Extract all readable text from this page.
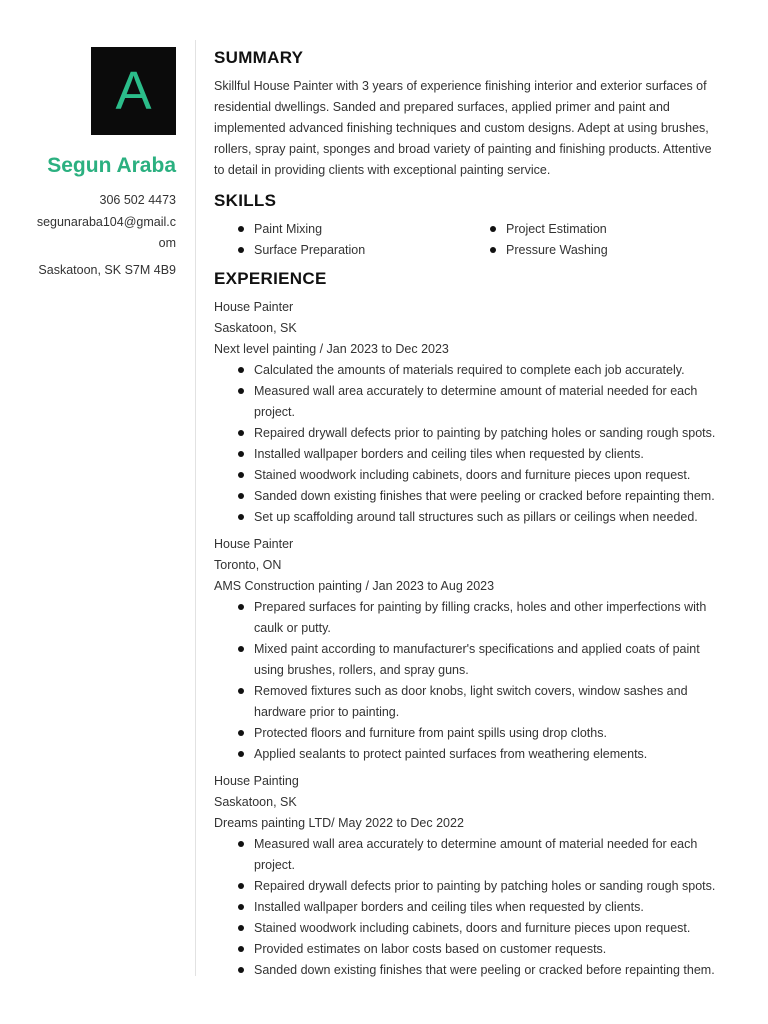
A
Segun Araba
306 502 4473
segunaraba104@gmail.com
Saskatoon, SK S7M 4B9
SUMMARY

Skillful House Painter with 3 years of experience finishing interior and exterior surfaces of residential dwellings. Sanded and prepared surfaces, applied primer and paint and implemented advanced finishing techniques and custom designs. Adept at using brushes, rollers, spray paint, sponges and broad variety of painting and finishing products. Attentive to detail in providing clients with exceptional painting service.

SKILLS
Paint Mixing
Surface Preparation
Project Estimation
Pressure Washing
EXPERIENCE
House Painter
Saskatoon, SK
Next level painting / Jan 2023 to Dec 2023
Calculated the amounts of materials required to complete each job accurately.
Measured wall area accurately to determine amount of material needed for each project.
Repaired drywall defects prior to painting by patching holes or sanding rough spots.
Installed wallpaper borders and ceiling tiles when requested by clients.
Stained woodwork including cabinets, doors and furniture pieces upon request.
Sanded down existing finishes that were peeling or cracked before repainting them.
Set up scaffolding around tall structures such as pillars or ceilings when needed.
House Painter
Toronto, ON
AMS Construction painting / Jan 2023 to Aug 2023
Prepared surfaces for painting by filling cracks, holes and other imperfections with caulk or putty.
Mixed paint according to manufacturer's specifications and applied coats of paint using brushes, rollers, and spray guns.
Removed fixtures such as door knobs, light switch covers, window sashes and hardware prior to painting.
Protected floors and furniture from paint spills using drop cloths.
Applied sealants to protect painted surfaces from weathering elements.
House Painting
Saskatoon, SK
Dreams painting LTD/ May 2022 to Dec 2022
Measured wall area accurately to determine amount of material needed for each project.
Repaired drywall defects prior to painting by patching holes or sanding rough spots.
Installed wallpaper borders and ceiling tiles when requested by clients.
Stained woodwork including cabinets, doors and furniture pieces upon request.
Provided estimates on labor costs based on customer requests.
Sanded down existing finishes that were peeling or cracked before repainting them.
